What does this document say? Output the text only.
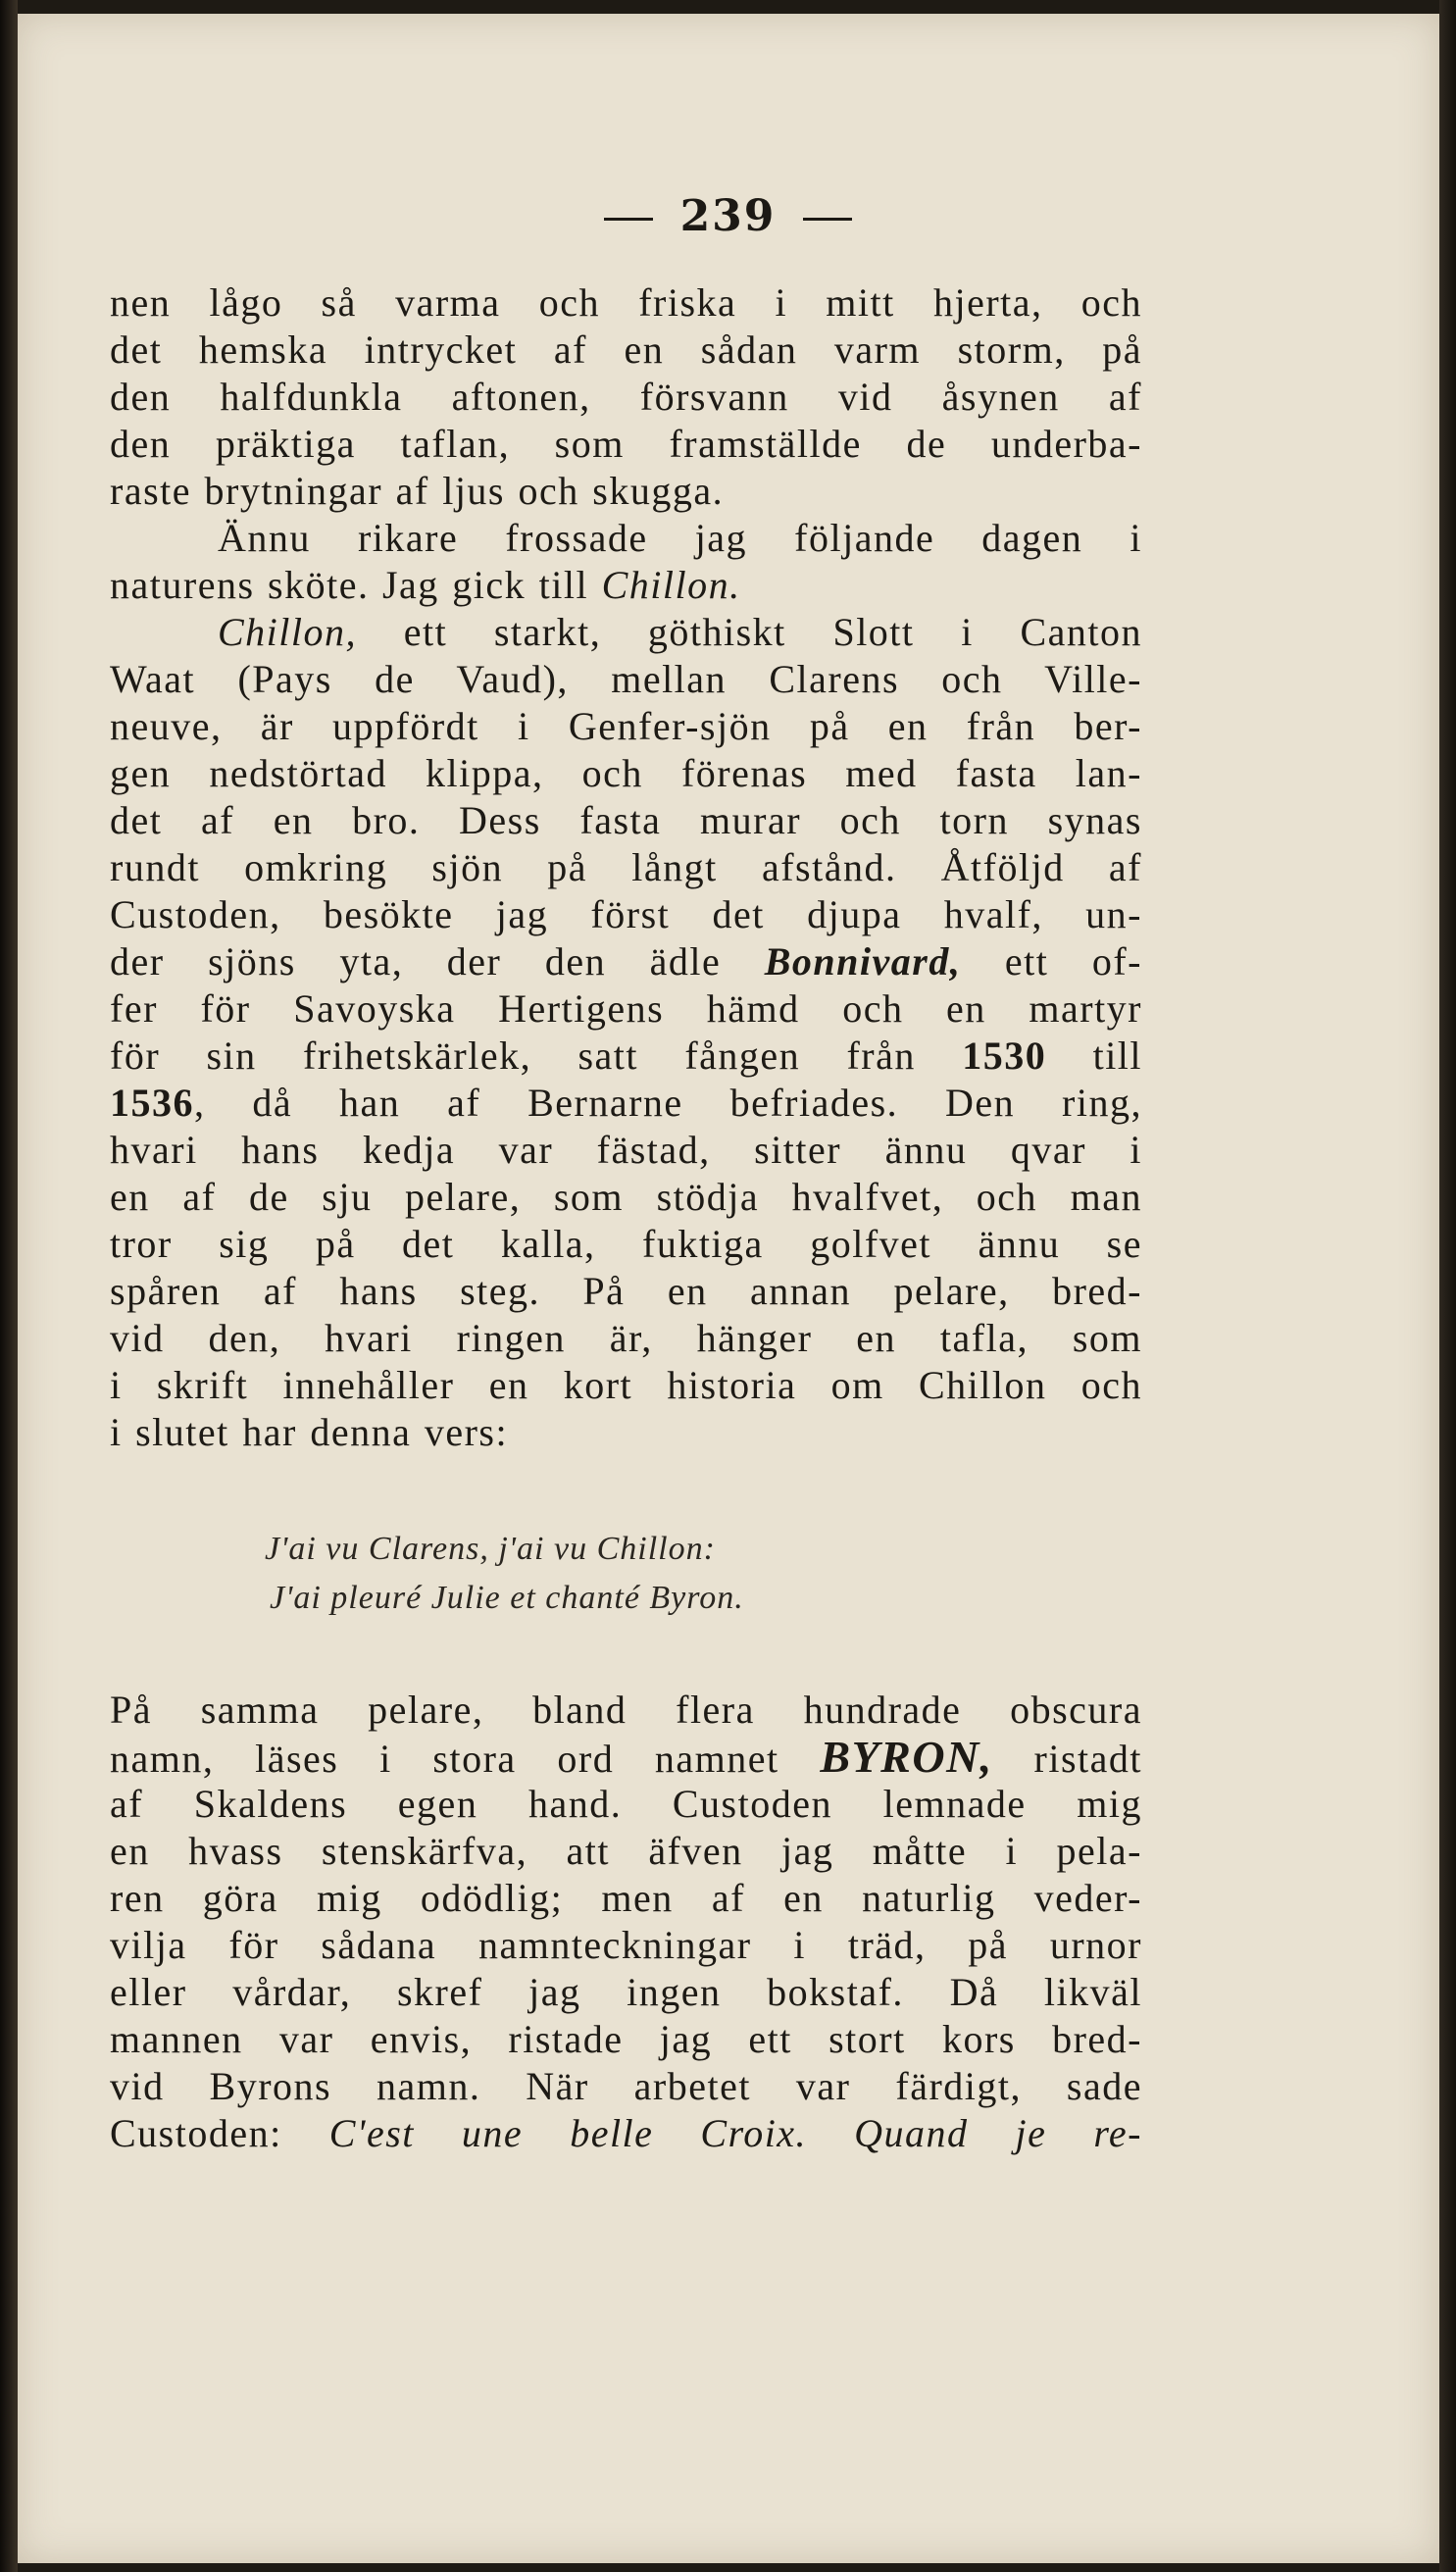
239
nen lågo så varma och friska i mitt hjerta, och
det hemska intrycket af en sådan varm storm, på
den halfdunkla aftonen, försvann vid åsynen af
den präktiga taflan, som framställde de underba-
raste brytningar af ljus och skugga.
Ännu rikare frossade jag följande dagen i
naturens sköte. Jag gick till Chillon.
Chillon, ett starkt, göthiskt Slott i Canton
Waat (Pays de Vaud), mellan Clarens och Ville-
neuve, är uppfördt i Genfer-sjön på en från ber-
gen nedstörtad klippa, och förenas med fasta lan-
det af en bro. Dess fasta murar och torn synas
rundt omkring sjön på långt afstånd. Åtföljd af
Custoden, besökte jag först det djupa hvalf, un-
der sjöns yta, der den ädle Bonnivard, ett of-
fer för Savoyska Hertigens hämd och en martyr
för sin frihetskärlek, satt fången från 1530 till
1536, då han af Bernarne befriades. Den ring,
hvari hans kedja var fästad, sitter ännu qvar i
en af de sju pelare, som stödja hvalfvet, och man
tror sig på det kalla, fuktiga golfvet ännu se
spåren af hans steg. På en annan pelare, bred-
vid den, hvari ringen är, hänger en tafla, som
i skrift innehåller en kort historia om Chillon och
i slutet har denna vers:
J'ai vu Clarens, j'ai vu Chillon:
J'ai pleuré Julie et chanté Byron.
På samma pelare, bland flera hundrade obscura
namn, läses i stora ord namnet BYRON, ristadt
af Skaldens egen hand. Custoden lemnade mig
en hvass stenskärfva, att äfven jag måtte i pela-
ren göra mig odödlig; men af en naturlig veder-
vilja för sådana namnteckningar i träd, på urnor
eller vårdar, skref jag ingen bokstaf. Då likväl
mannen var envis, ristade jag ett stort kors bred-
vid Byrons namn. När arbetet var färdigt, sade
Custoden: C'est une belle Croix. Quand je re-
